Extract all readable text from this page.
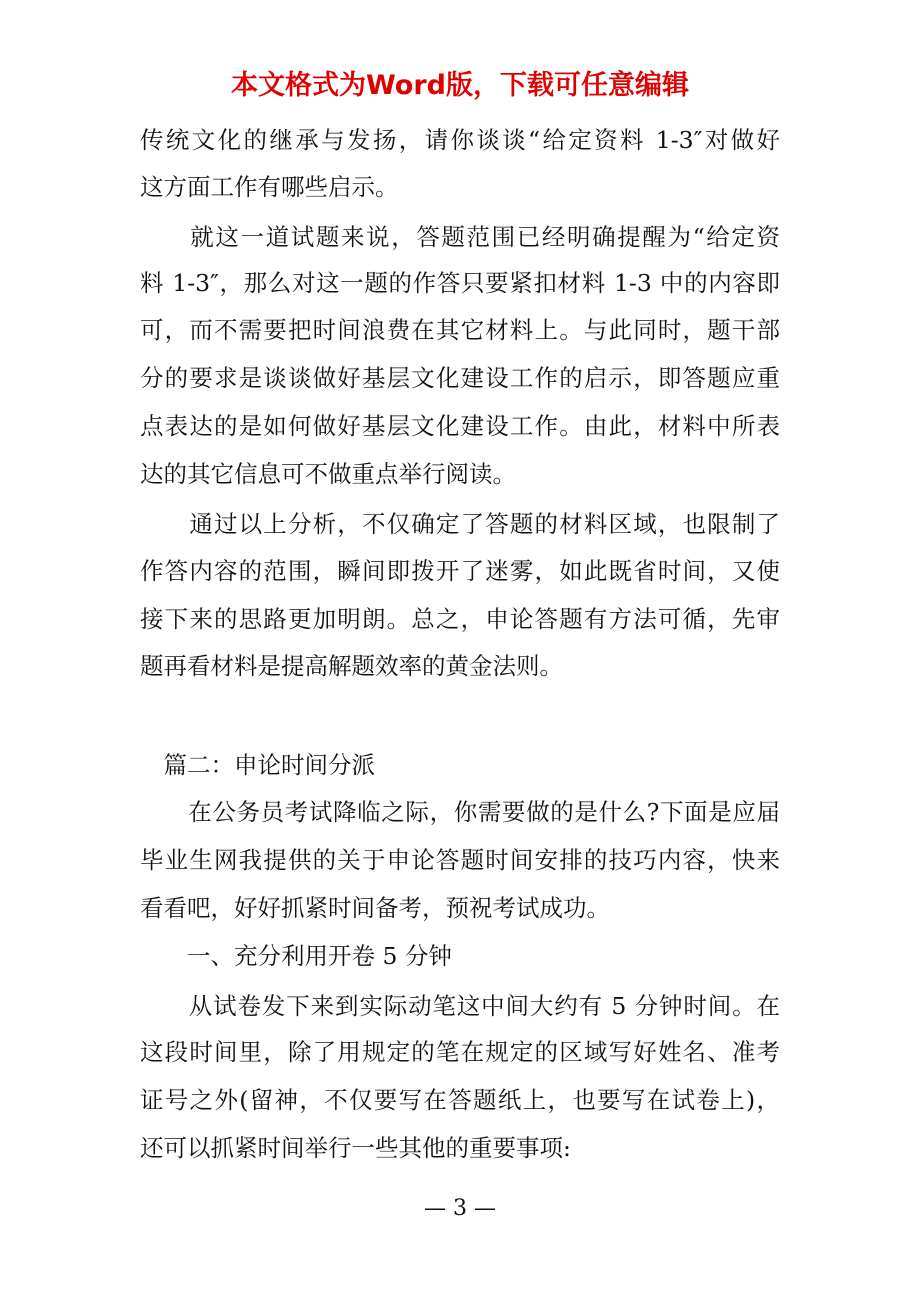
本文格式为Word版，下载可任意编辑
传统文化的继承与发扬，请你谈谈“给定资料 1-3″对做好
这方面工作有哪些启示。
　　就这一道试题来说，答题范围已经明确提醒为“给定资
料 1-3″，那么对这一题的作答只要紧扣材料 1-3 中的内容即
可，而不需要把时间浪费在其它材料上。与此同时，题干部
分的要求是谈谈做好基层文化建设工作的启示，即答题应重
点表达的是如何做好基层文化建设工作。由此，材料中所表
达的其它信息可不做重点举行阅读。
　　通过以上分析，不仅确定了答题的材料区域，也限制了
作答内容的范围，瞬间即拨开了迷雾，如此既省时间，又使
接下来的思路更加明朗。总之，申论答题有方法可循，先审
题再看材料是提高解题效率的黄金法则。
　篇二：申论时间分派
　　在公务员考试降临之际，你需要做的是什么?下面是应届
毕业生网我提供的关于申论答题时间安排的技巧内容，快来
看看吧，好好抓紧时间备考，预祝考试成功。
　　一、充分利用开卷 5 分钟
　　从试卷发下来到实际动笔这中间大约有 5 分钟时间。在
这段时间里，除了用规定的笔在规定的区域写好姓名、准考
证号之外(留神，不仅要写在答题纸上，也要写在试卷上)，
还可以抓紧时间举行一些其他的重要事项:
— 3 —
